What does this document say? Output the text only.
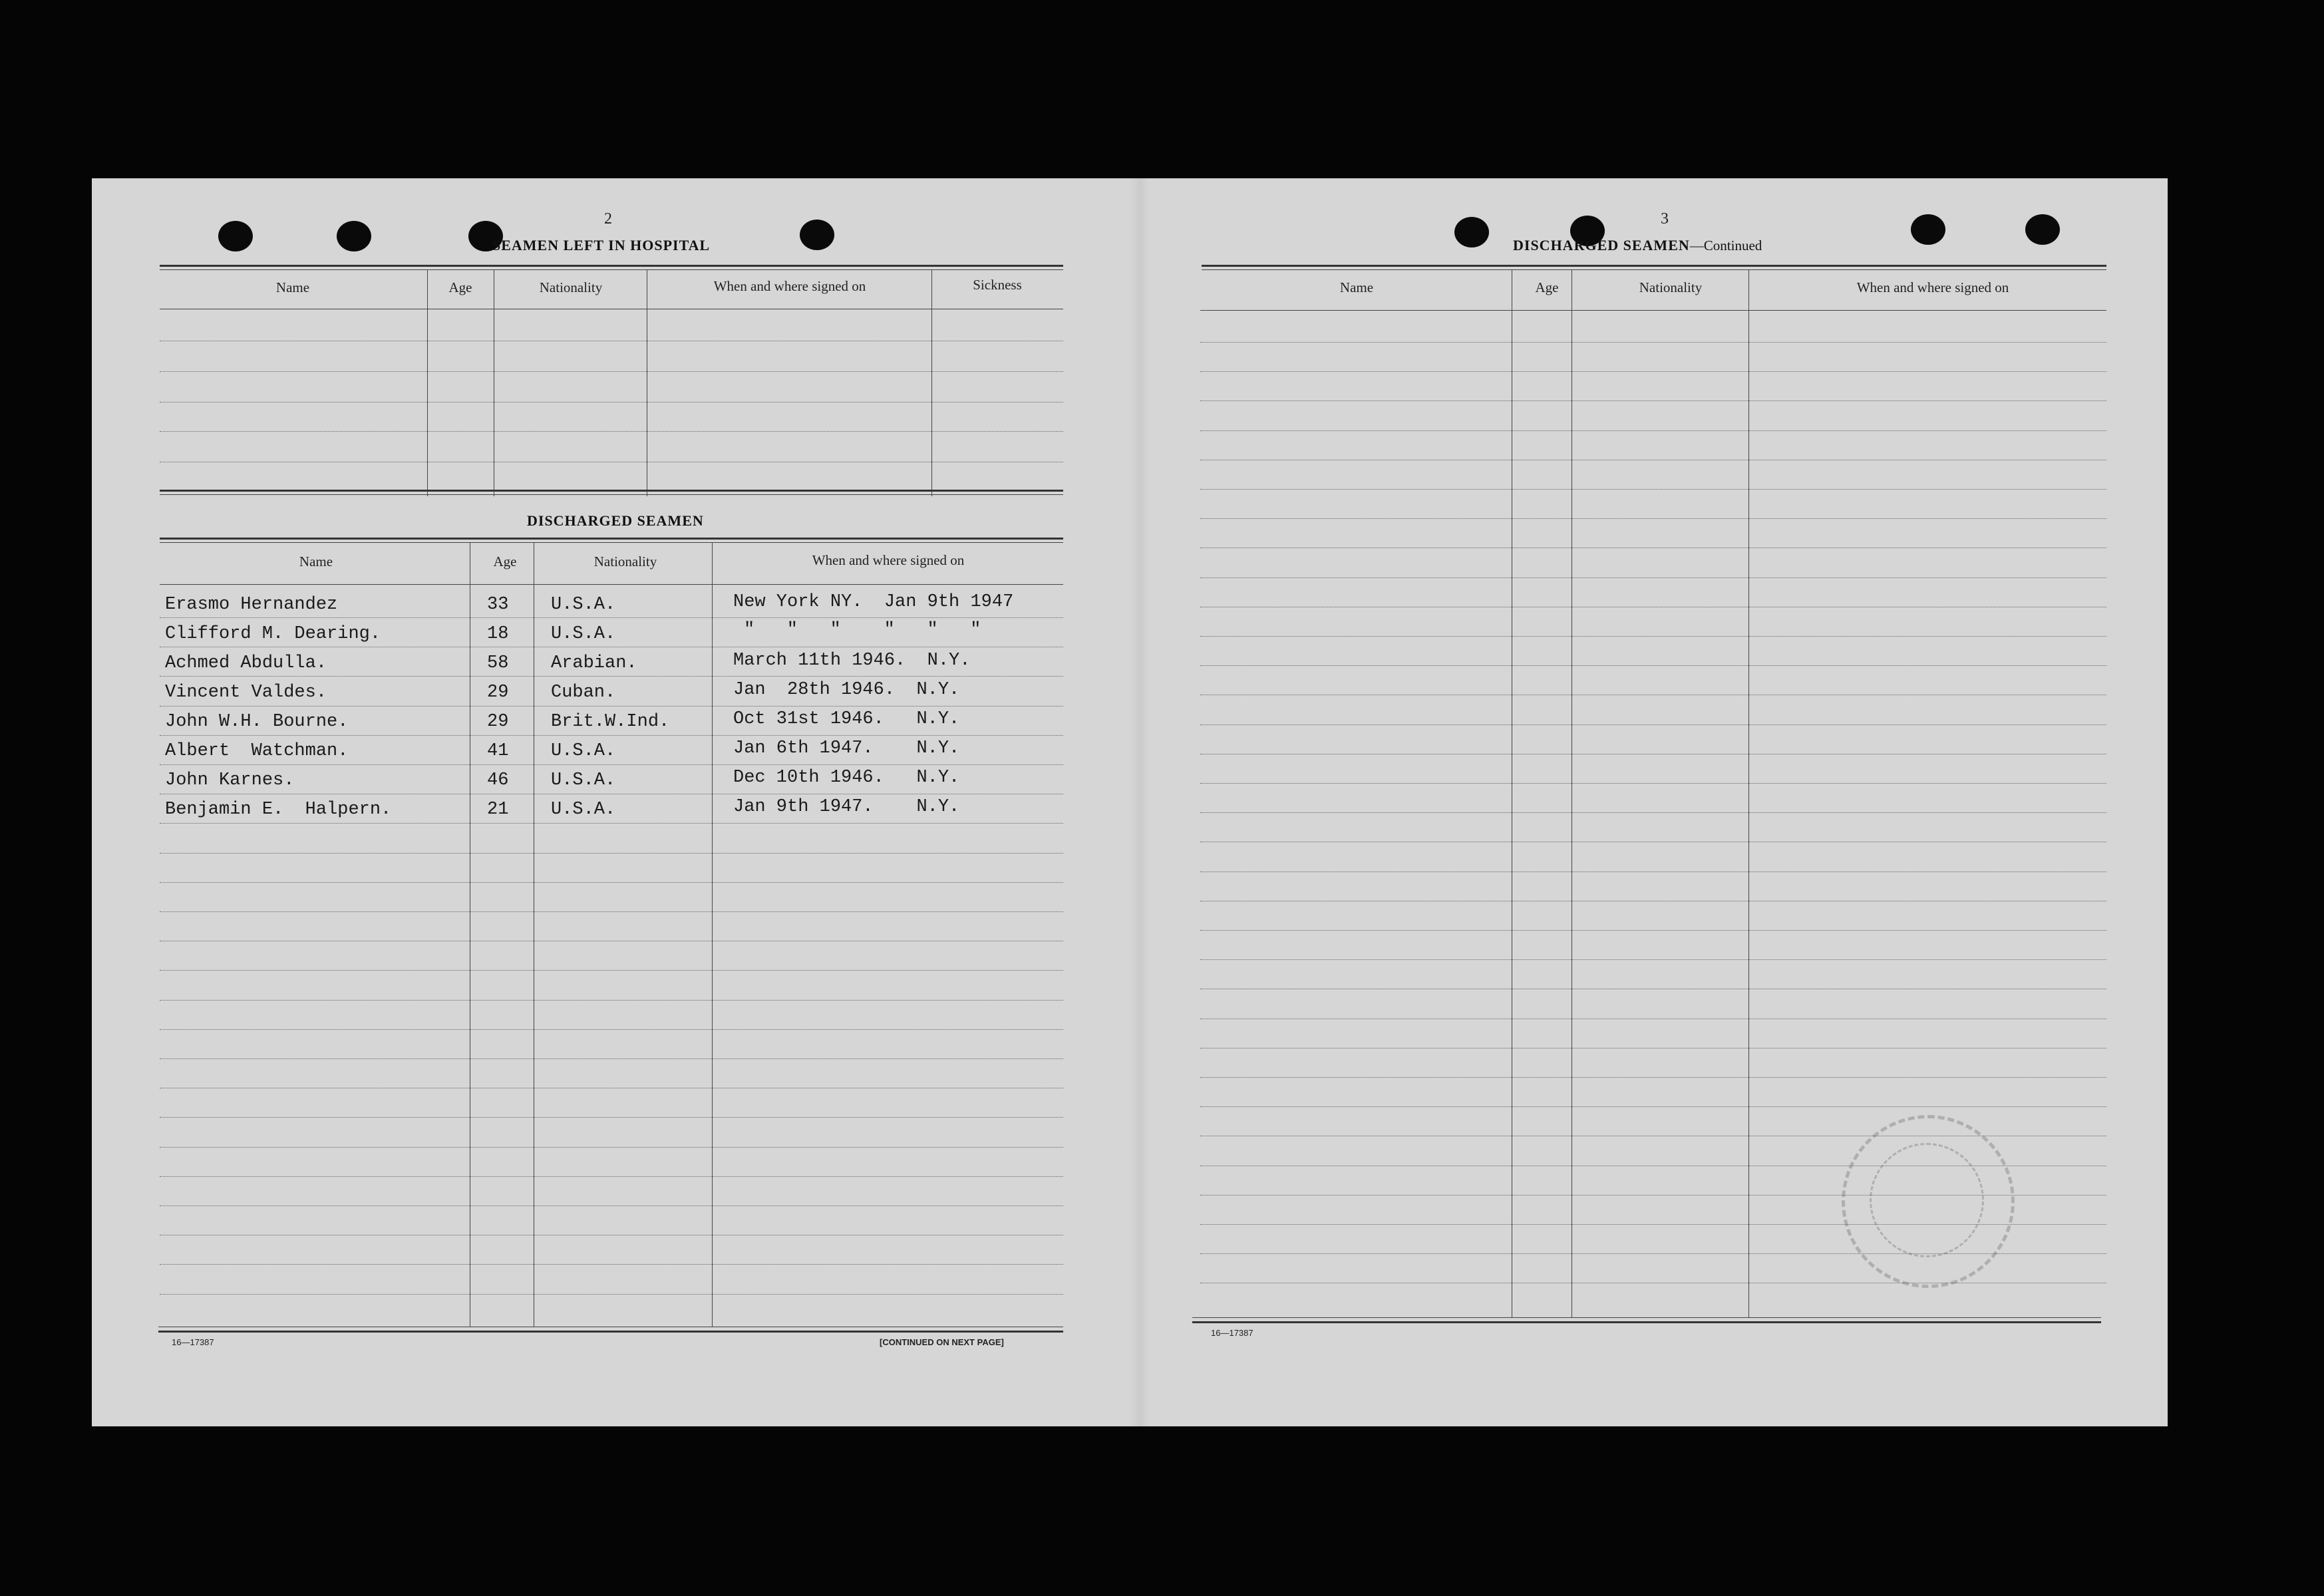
2
SEAMEN LEFT IN HOSPITAL
Name	Age	Nationality	When and where signed on	Sickness
DISCHARGED SEAMEN
Name	Age	Nationality	When and where signed on
Erasmo Hernandez	33 U.S.A.	New York NY.  Jan 9th 1947
Clifford M. Dearing.	18 U.S.A.	"   "   "    "   "   "
Achmed Abdulla.	58 Arabian.	March 11th 1946.  N.Y.
Vincent Valdes.	29 Cuban.	Jan  28th 1946.  N.Y.
John W.H. Bourne.	29 Brit.W.Ind.	Oct 31st 1946.   N.Y.
Albert  Watchman.	41 U.S.A.	Jan 6th 1947.    N.Y.
John Karnes.	46 U.S.A.	Dec 10th 1946.   N.Y.
Benjamin E.  Halpern.	21 U.S.A.	Jan 9th 1947.    N.Y.
16—17387	[CONTINUED ON NEXT PAGE]
3
DISCHARGED SEAMEN—Continued
Name	Age	Nationality	When and where signed on
16—17387
